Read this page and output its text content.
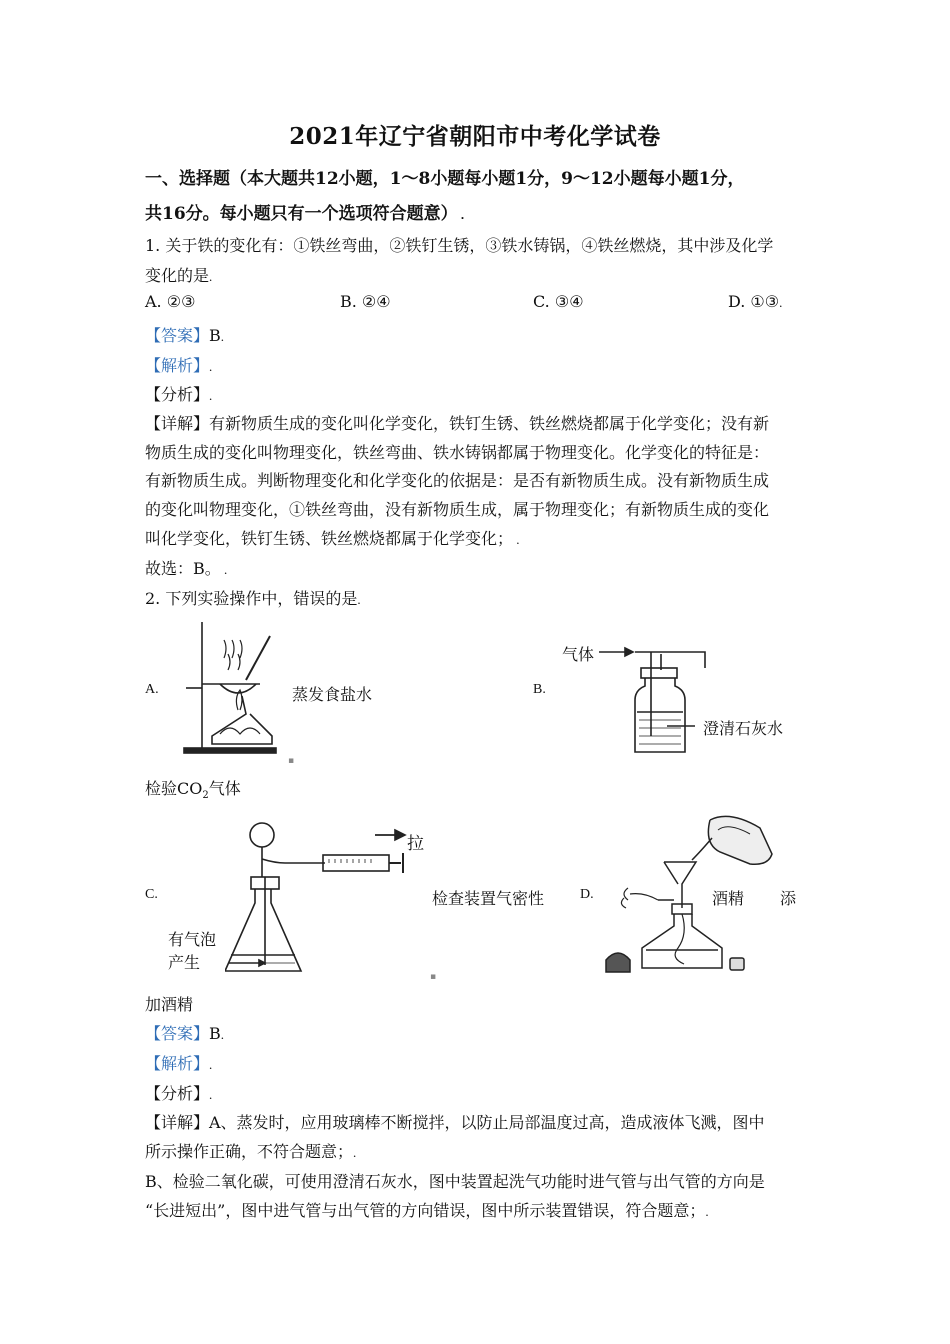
2021年辽宁省朝阳市中考化学试卷
一、选择题（本大题共12小题，1～8小题每小题1分，9～12小题每小题1分，
共16分。每小题只有一个选项符合题意） .
1. 关于铁的变化有：①铁丝弯曲，②铁钉生锈，③铁水铸锅，④铁丝燃烧，其中涉及化学
变化的是.
A. ②③	B. ②④	C. ③④	D. ①③.
【答案】B.
【解析】.
【分析】.
【详解】有新物质生成的变化叫化学变化，铁钉生锈、铁丝燃烧都属于化学变化；没有新
物质生成的变化叫物理变化，铁丝弯曲、铁水铸锅都属于物理变化。化学变化的特征是：
有新物质生成。判断物理变化和化学变化的依据是：是否有新物质生成。没有新物质生成
的变化叫物理变化，①铁丝弯曲，没有新物质生成，属于物理变化；有新物质生成的变化
叫化学变化，铁钉生锈、铁丝燃烧都属于化学变化； .
故选：B。 .
2. 下列实验操作中，错误的是.
A.	蒸发食盐水
▪
B.
气体
澄清石灰水
检验$CO_2$气体
C.
拉
有气泡
产生
检查装置气密性
▪
D.	酒精 添
加酒精
【答案】B.
【解析】.
【分析】.
【详解】A、蒸发时，应用玻璃棒不断搅拌，以防止局部温度过高，造成液体飞溅，图中
所示操作正确，不符合题意；.
B、检验二氧化碳，可使用澄清石灰水，图中装置起洗气功能时进气管与出气管的方向是
“长进短出”，图中进气管与出气管的方向错误，图中所示装置错误，符合题意；.
